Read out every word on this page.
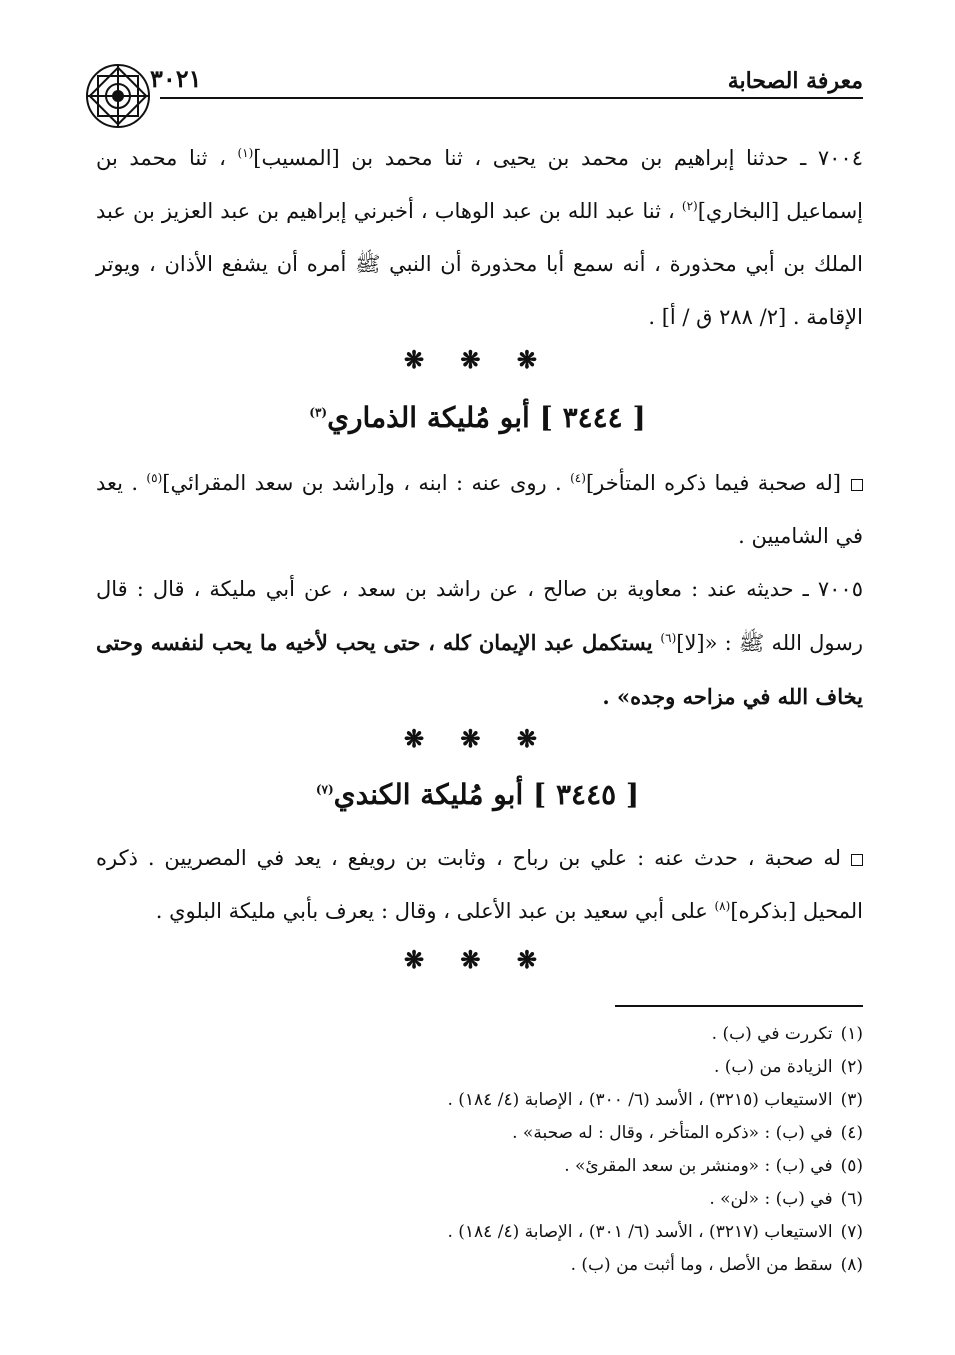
معرفة الصحابة
٣٠٢١
٧٠٠٤ ـ حدثنا إبراهيم بن محمد بن يحيى ، ثنا محمد بن [المسيب]$^{(١)}$ ، ثنا محمد بن إسماعيل [البخاري]$^{(٢)}$ ، ثنا عبد الله بن عبد الوهاب ، أخبرني إبراهيم بن عبد العزيز بن عبد الملك بن أبي محذورة ، أنه سمع أبا محذورة أن النبي ﷺ أمره أن يشفع الأذان ، ويوتر الإقامة . [٢/ ٢٨٨ ق / أ] .
❋ ❋ ❋
[ ٣٤٤٤ ] أبو مُليكة الذماري$^{(٣)}$
[له صحبة فيما ذكره المتأخر]$^{(٤)}$ . روى عنه : ابنه ، و[راشد بن سعد المقرائي]$^{(٥)}$ . يعد في الشاميين .
٧٠٠٥ ـ حديثه عند : معاوية بن صالح ، عن راشد بن سعد ، عن أبي مليكة ، قال : قال رسول الله ﷺ : «[لا]$^{(٦)}$ يستكمل عبد الإيمان كله ، حتى يحب لأخيه ما يحب لنفسه وحتى يخاف الله في مزاحه وجده» .
❋ ❋ ❋
[ ٣٤٤٥ ] أبو مُليكة الكندي$^{(٧)}$
له صحبة ، حدث عنه : علي بن رباح ، وثابت بن رويفع ، يعد في المصريين . ذكره المحيل [بذكره]$^{(٨)}$ على أبي سعيد بن عبد الأعلى ، وقال : يعرف بأبي مليكة البلوي .
❋ ❋ ❋
(١)تكررت في (ب) .
(٢)الزيادة من (ب) .
(٣)الاستيعاب (٣٢١٥) ، الأسد (٦/ ٣٠٠) ، الإصابة (٤/ ١٨٤) .
(٤)في (ب) : «ذكره المتأخر ، وقال : له صحبة» .
(٥)في (ب) : «ومنشر بن سعد المقرئ» .
(٦)في (ب) : «لن» .
(٧)الاستيعاب (٣٢١٧) ، الأسد (٦/ ٣٠١) ، الإصابة (٤/ ١٨٤) .
(٨)سقط من الأصل ، وما أثبت من (ب) .
